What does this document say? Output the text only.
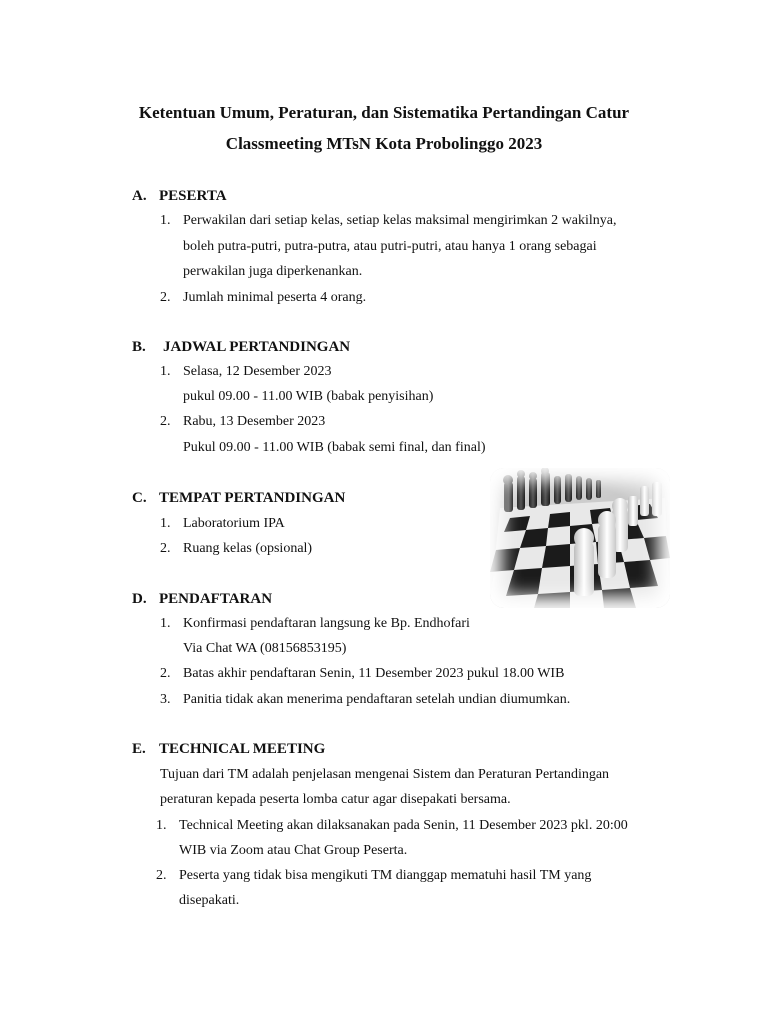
Ketentuan Umum, Peraturan, dan Sistematika Pertandingan Catur
Classmeeting MTsN Kota Probolinggo 2023
A. PESERTA
1. Perwakilan dari setiap kelas, setiap kelas maksimal mengirimkan 2 wakilnya,
boleh putra-putri, putra-putra, atau putri-putri, atau hanya 1 orang sebagai
perwakilan juga diperkenankan.
2. Jumlah minimal peserta 4 orang.
B. JADWAL PERTANDINGAN
1. Selasa, 12 Desember 2023
pukul 09.00 - 11.00 WIB (babak penyisihan)
2. Rabu, 13 Desember 2023
Pukul 09.00 - 11.00 WIB (babak semi final, dan final)
C. TEMPAT PERTANDINGAN
1. Laboratorium IPA
2. Ruang kelas (opsional)
D. PENDAFTARAN
1. Konfirmasi pendaftaran langsung ke Bp. Endhofari
Via Chat WA (08156853195)
2. Batas akhir pendaftaran Senin, 11 Desember 2023 pukul 18.00 WIB
3. Panitia tidak akan menerima pendaftaran setelah undian diumumkan.
E. TECHNICAL MEETING
Tujuan dari TM adalah penjelasan mengenai Sistem dan Peraturan Pertandingan
peraturan kepada peserta lomba catur agar disepakati bersama.
1. Technical Meeting akan dilaksanakan pada Senin, 11 Desember 2023 pkl. 20:00
WIB via Zoom atau Chat Group Peserta.
2. Peserta yang tidak bisa mengikuti TM dianggap mematuhi hasil TM yang
disepakati.
